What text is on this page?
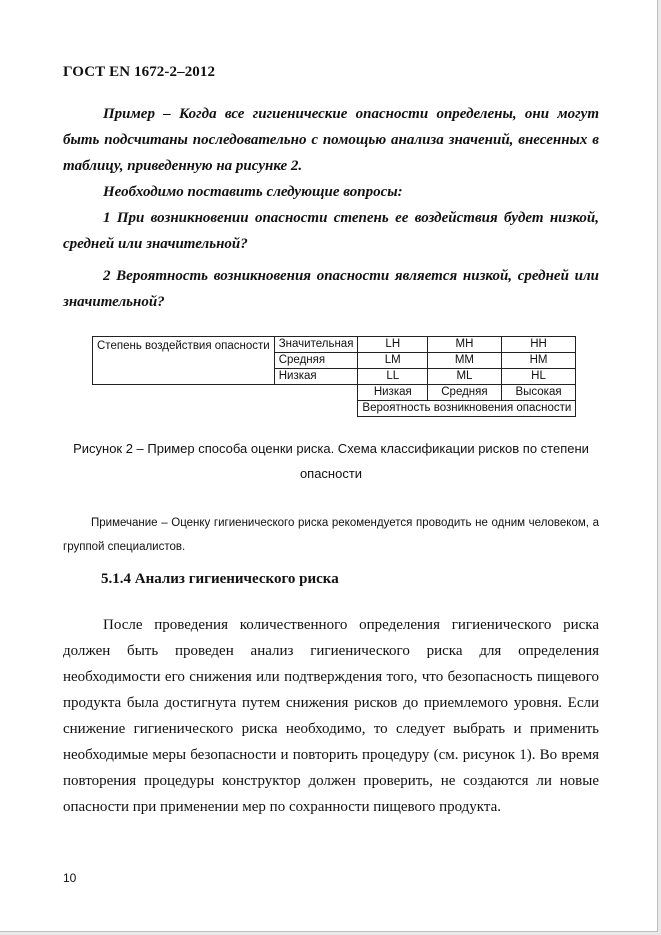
ГОСТ EN 1672-2–2012

Пример – Когда все гигиенические опасности определены, они могут быть подсчитаны последовательно с помощью анализа значений, внесенных в таблицу, приведенную на рисунке 2.

Необходимо поставить следующие вопросы:

1 При возникновении опасности степень ее воздействия будет низкой, средней или значительной?

2 Вероятность возникновения опасности является низкой, средней или значительной?

Степень воздействия опасности	Значительная	LH	MH	HH
	Средняя	LM	MM	HM
	Низкая	LL	ML	HL
		Низкая	Средняя	Высокая
		Вероятность возникновения опасности		
Рисунок 2 – Пример способа оценки риска. Схема классификации рисков по степени опасности
Примечание – Оценку гигиенического риска рекомендуется проводить не одним человеком, а группой специалистов.
5.1.4 Анализ гигиенического риска

После проведения количественного определения гигиенического риска должен быть проведен анализ гигиенического риска для определения необходимости его снижения или подтверждения того, что безопасность пищевого продукта была достигнута путем снижения рисков до приемлемого уровня. Если снижение гигиенического риска необходимо, то следует выбрать и применить необходимые меры безопасности и повторить процедуру (см. рисунок 1). Во время повторения процедуры конструктор должен проверить, не создаются ли новые опасности при применении мер по сохранности пищевого продукта.

10
